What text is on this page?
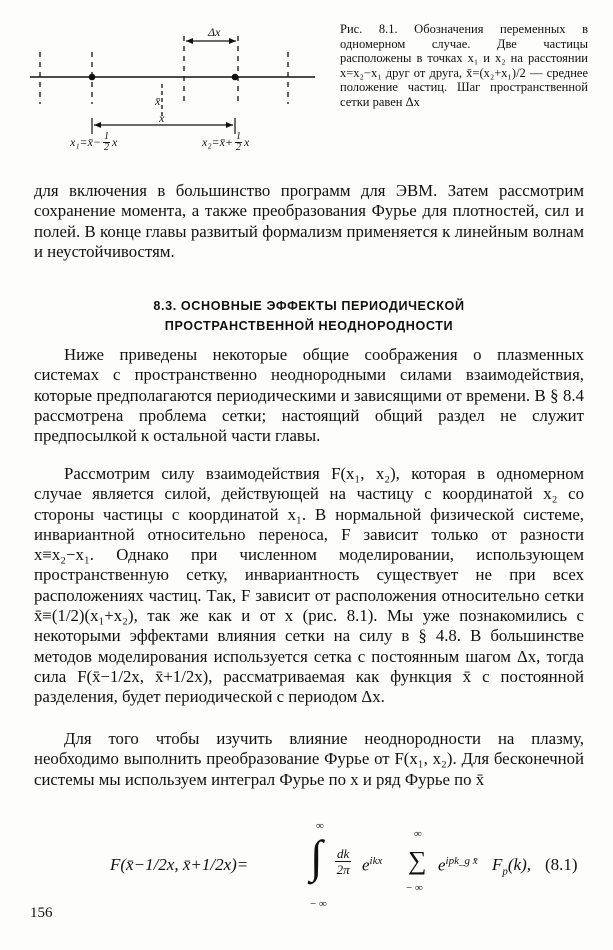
Δx
x̄
x
x₁=x̄− $\frac{1}{2}$ x	x₂=x̄+ $\frac{1}{2}$ x
Рис. 8.1. Обозначения переменных в одномерном случае. Две частицы расположены в точках x₁ и x₂ на расстоянии x=x₂−x₁ друг от друга, x̄=(x₂+x₁)/2 — среднее положение частиц. Шаг пространственной сетки равен Δx

для включения в большинство программ для ЭВМ. Затем рассмотрим сохранение момента, а также преобразования Фурье для плотностей, сил и полей. В конце главы развитый формализм применяется к линейным волнам и неустойчивостям.

8.3. ОСНОВНЫЕ ЭФФЕКТЫ ПЕРИОДИЧЕСКОЙ
ПРОСТРАНСТВЕННОЙ НЕОДНОРОДНОСТИ

Ниже приведены некоторые общие соображения о плазменных системах с пространственно неоднородными силами взаимодействия, которые предполагаются периодическими и зависящими от времени. В § 8.4 рассмотрена проблема сетки; настоящий общий раздел не служит предпосылкой к остальной части главы.

Рассмотрим силу взаимодействия F(x₁, x₂), которая в одномерном случае является силой, действующей на частицу с координатой x₂ со стороны частицы с координатой x₁. В нормальной физической системе, инвариантной относительно переноса, F зависит только от разности x≡x₂−x₁. Однако при численном моделировании, использующем пространственную сетку, инвариантность существует не при всех расположениях частиц. Так, F зависит от расположения относительно сетки x̄≡(1/2)(x₁+x₂), так же как и от x (рис. 8.1). Мы уже познакомились с некоторыми эффектами влияния сетки на силу в § 4.8. В большинстве методов моделирования используется сетка с постоянным шагом Δx, тогда сила F(x̄−1/2x, x̄+1/2x), рассматриваемая как функция x̄ с постоянной разделения, будет периодической с периодом Δx.

Для того чтобы изучить влияние неоднородности на плазму, необходимо выполнить преобразование Фурье от F(x₁, x₂). Для бесконечной системы мы используем интеграл Фурье по x и ряд Фурье по x̄

F(x̄−1/2x, x̄+1/2x)=
∞
∫
− ∞
$\frac{dk}{2\pi} e^{ikx}$
∞
∑
− ∞
$e^{ipk\_g x̄}$ $F_p(k)$, (8.1)
156
